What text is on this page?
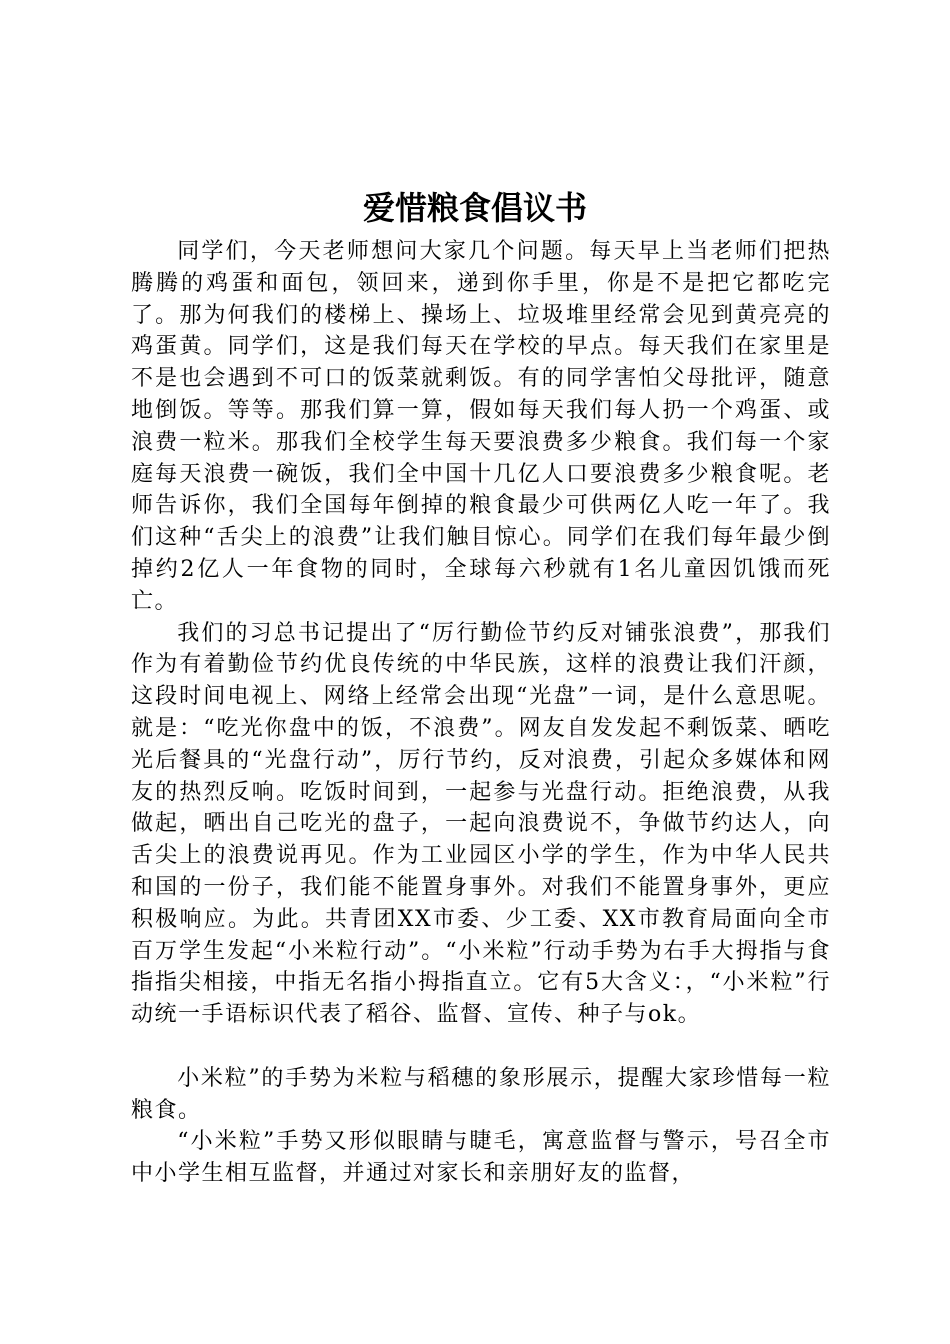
爱惜粮食倡议书

同学们，今天老师想问大家几个问题。每天早上当老师们把热腾腾的鸡蛋和面包，领回来，递到你手里，你是不是把它都吃完了。那为何我们的楼梯上、操场上、垃圾堆里经常会见到黄亮亮的鸡蛋黄。同学们，这是我们每天在学校的早点。每天我们在家里是不是也会遇到不可口的饭菜就剩饭。有的同学害怕父母批评，随意地倒饭。等等。那我们算一算，假如每天我们每人扔一个鸡蛋、或浪费一粒米。那我们全校学生每天要浪费多少粮食。我们每一个家庭每天浪费一碗饭，我们全中国十几亿人口要浪费多少粮食呢。老师告诉你，我们全国每年倒掉的粮食最少可供两亿人吃一年了。我们这种“舌尖上的浪费”让我们触目惊心。同学们在我们每年最少倒掉约2亿人一年食物的同时，全球每六秒就有1名儿童因饥饿而死亡。

我们的习总书记提出了“厉行勤俭节约反对铺张浪费”，那我们作为有着勤俭节约优良传统的中华民族，这样的浪费让我们汗颜，这段时间电视上、网络上经常会出现“光盘”一词，是什么意思呢。就是：“吃光你盘中的饭，不浪费”。网友自发发起不剩饭菜、晒吃光后餐具的“光盘行动”，厉行节约，反对浪费，引起众多媒体和网友的热烈反响。吃饭时间到，一起参与光盘行动。拒绝浪费，从我做起，晒出自己吃光的盘子，一起向浪费说不，争做节约达人，向舌尖上的浪费说再见。作为工业园区小学的学生，作为中华人民共和国的一份子，我们能不能置身事外。对我们不能置身事外，更应积极响应。为此。共青团XX市委、少工委、XX市教育局面向全市百万学生发起“小米粒行动”。“小米粒”行动手势为右手大拇指与食指指尖相接，中指无名指小拇指直立。它有5大含义：，“小米粒”行动统一手语标识代表了稻谷、监督、宣传、种子与ok。

小米粒”的手势为米粒与稻穗的象形展示，提醒大家珍惜每一粒粮食。

“小米粒”手势又形似眼睛与睫毛，寓意监督与警示，号召全市中小学生相互监督，并通过对家长和亲朋好友的监督，
